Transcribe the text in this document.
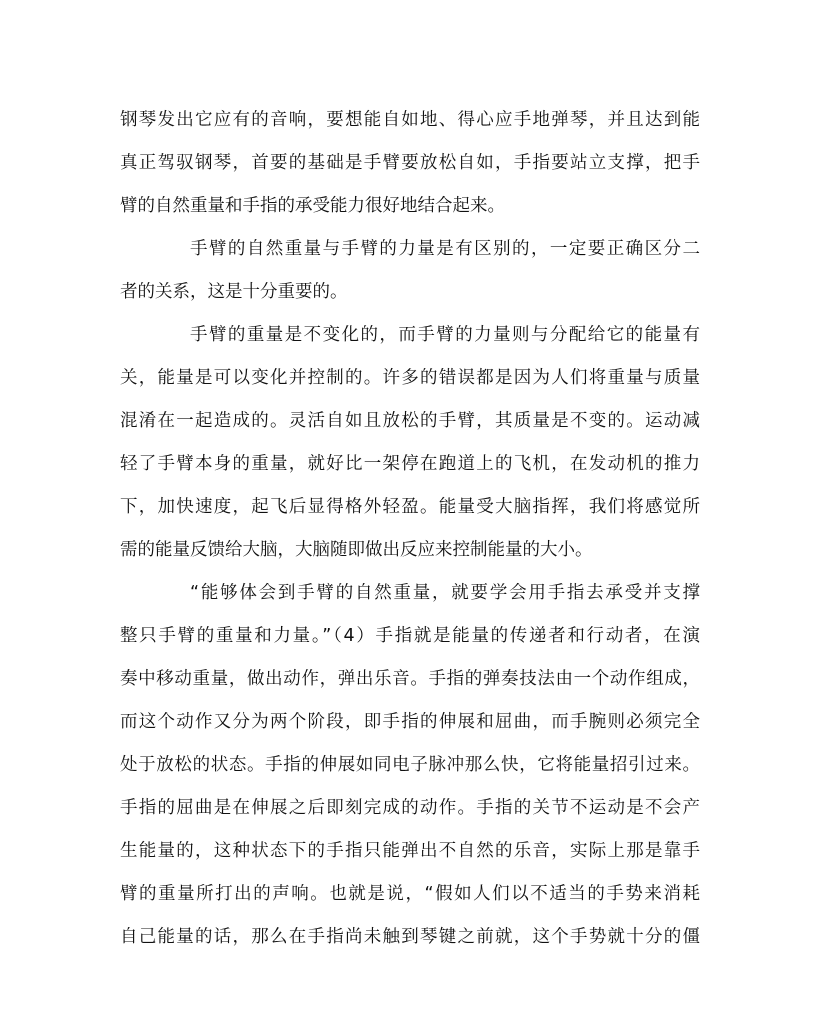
钢琴发出它应有的音响，要想能自如地、得心应手地弹琴，并且达到能
真正驾驭钢琴，首要的基础是手臂要放松自如，手指要站立支撑，把手
臂的自然重量和手指的承受能力很好地结合起来。
手臂的自然重量与手臂的力量是有区别的，一定要正确区分二
者的关系，这是十分重要的。
手臂的重量是不变化的，而手臂的力量则与分配给它的能量有
关，能量是可以变化并控制的。许多的错误都是因为人们将重量与质量
混淆在一起造成的。灵活自如且放松的手臂，其质量是不变的。运动减
轻了手臂本身的重量，就好比一架停在跑道上的飞机，在发动机的推力
下，加快速度，起飞后显得格外轻盈。能量受大脑指挥，我们将感觉所
需的能量反馈给大脑，大脑随即做出反应来控制能量的大小。
“能够体会到手臂的自然重量，就要学会用手指去承受并支撑
整只手臂的重量和力量。”（4）手指就是能量的传递者和行动者，在演
奏中移动重量，做出动作，弹出乐音。手指的弹奏技法由一个动作组成，
而这个动作又分为两个阶段，即手指的伸展和屈曲，而手腕则必须完全
处于放松的状态。手指的伸展如同电子脉冲那么快，它将能量招引过来。
手指的屈曲是在伸展之后即刻完成的动作。手指的关节不运动是不会产
生能量的，这种状态下的手指只能弹出不自然的乐音，实际上那是靠手
臂的重量所打出的声响。也就是说，“假如人们以不适当的手势来消耗
自己能量的话，那么在手指尚未触到琴键之前就，这个手势就十分的僵
